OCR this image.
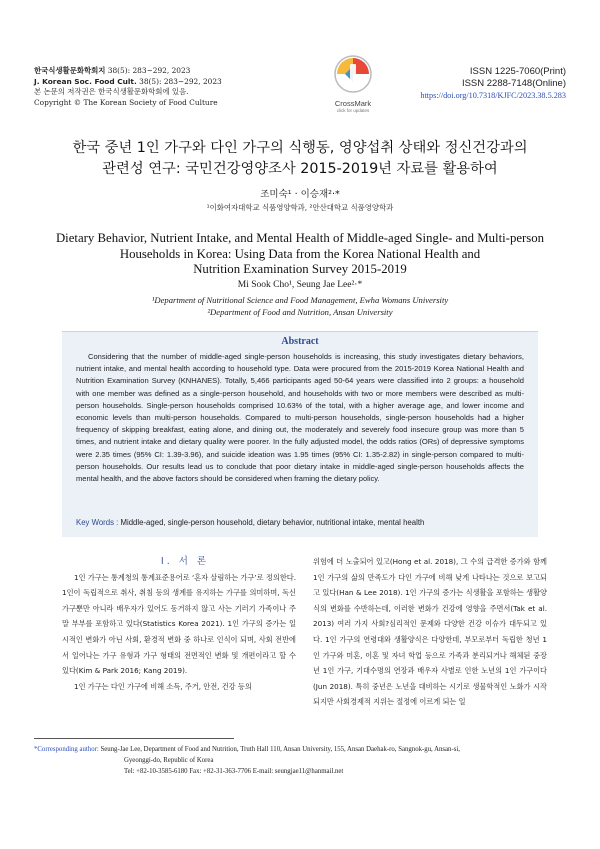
한국식생활문화학회지 38(5): 283~292, 2023
J. Korean Soc. Food Cult. 38(5): 283~292, 2023
본 논문의 저작권은 한국식생활문화학회에 있음.
Copyright © The Korean Society of Food Culture	CrossMark
click for updates
ISSN 1225-7060(Print)
ISSN 2288-7148(Online)
https://doi.org/10.7318/KJFC/2023.38.5.283
한국 중년 1인 가구와 다인 가구의 식행동, 영양섭취 상태와 정신건강과의
관련성 연구: 국민건강영양조사 2015-2019년 자료를 활용하여
조미숙¹ · 이승재²·*
¹이화여자대학교 식품영양학과, ²안산대학교 식품영양학과
Dietary Behavior, Nutrient Intake, and Mental Health of Middle-aged Single- and Multi-person
Households in Korea: Using Data from the Korea National Health and
Nutrition Examination Survey 2015-2019
Mi Sook Cho¹, Seung Jae Lee²·*
¹Department of Nutritional Science and Food Management, Ewha Womans University
²Department of Food and Nutrition, Ansan University
Abstract
Considering that the number of middle-aged single-person households is increasing, this study investigates dietary behaviors, nutrient intake, and mental health according to household type. Data were procured from the 2015-2019 Korea National Health and Nutrition Examination Survey (KNHANES). Totally, 5,466 participants aged 50-64 years were classified into 2 groups: a household with one member was defined as a single-person household, and households with two or more members were described as multi-person households. Single-person households comprised 10.63% of the total, with a higher average age, and lower income and economic levels than multi-person households. Compared to multi-person households, single-person households had a higher frequency of skipping breakfast, eating alone, and dining out, the moderately and severely food insecure group was more than 5 times, and nutrient intake and dietary quality were poorer. In the fully adjusted model, the odds ratios (ORs) of depressive symptoms were 2.35 times (95% CI: 1.39-3.96), and suicide ideation was 1.95 times (95% CI: 1.35-2.82) in single-person compared to multi-person households. Our results lead us to conclude that poor dietary intake in middle-aged single-person households affects the mental health, and the above factors should be considered when framing the dietary policy.
Key Words : Middle-aged, single-person household, dietary behavior, nutritional intake, mental health

Ⅰ. 서 론

1인 가구는 통계청의 통계표준용어로 ‘혼자 살림하는 가구’로 정의한다. 1인이 독립적으로 취사, 취침 등의 생계를 유지하는 가구를 의미하며, 독신 가구뿐만 아니라 배우자가 있어도 동거하지 않고 사는 기러기 가족이나 주말 부부를 포함하고 있다(Statistics Korea 2021). 1인 가구의 증가는 일시적인 변화가 아닌 사회, 환경적 변화 중 하나로 인식이 되며, 사회 전반에서 일어나는 가구 유형과 가구 형태의 전면적인 변화 및 개편이라고 할 수 있다(Kim & Park 2016; Kang 2019).

1인 가구는 다인 가구에 비해 소득, 주거, 안전, 건강 등의

위험에 더 노출되어 있고(Hong et al. 2018), 그 수의 급격한 증가와 함께 1인 가구의 삶의 만족도가 다인 가구에 비해 낮게 나타나는 것으로 보고되고 있다(Han & Lee 2018). 1인 가구의 증가는 식생활을 포함하는 생활양식의 변화를 수반하는데, 이러한 변화가 건강에 영향을 주면서(Tak et al. 2013) 여러 가지 사회?심리적인 문제와 다양한 건강 이슈가 대두되고 있다. 1인 가구의 연령대와 생활양식은 다양한데, 부모로부터 독립한 청년 1인 가구와 미혼, 이혼 및 자녀 학업 등으로 가족과 분리되거나 해체된 중장년 1인 가구, 기대수명의 연장과 배우자 사별로 인한 노년의 1인 가구이다(Jun 2018). 특히 중년은 노년을 대비하는 시기로 생물학적인 노화가 시작되지만 사회경제적 지위는 절정에 이르게 되는 일

*Corresponding author: Seung-Jae Lee, Department of Food and Nutrition, Truth Hall 110, Ansan University, 155, Ansan Daehak-ro, Sangnok-gu, Ansan-si,
Gyeonggi-do, Republic of Korea
Tel: +82-10-3585-6180 Fax: +82-31-363-7706 E-mail: seungjae11@hanmail.net
